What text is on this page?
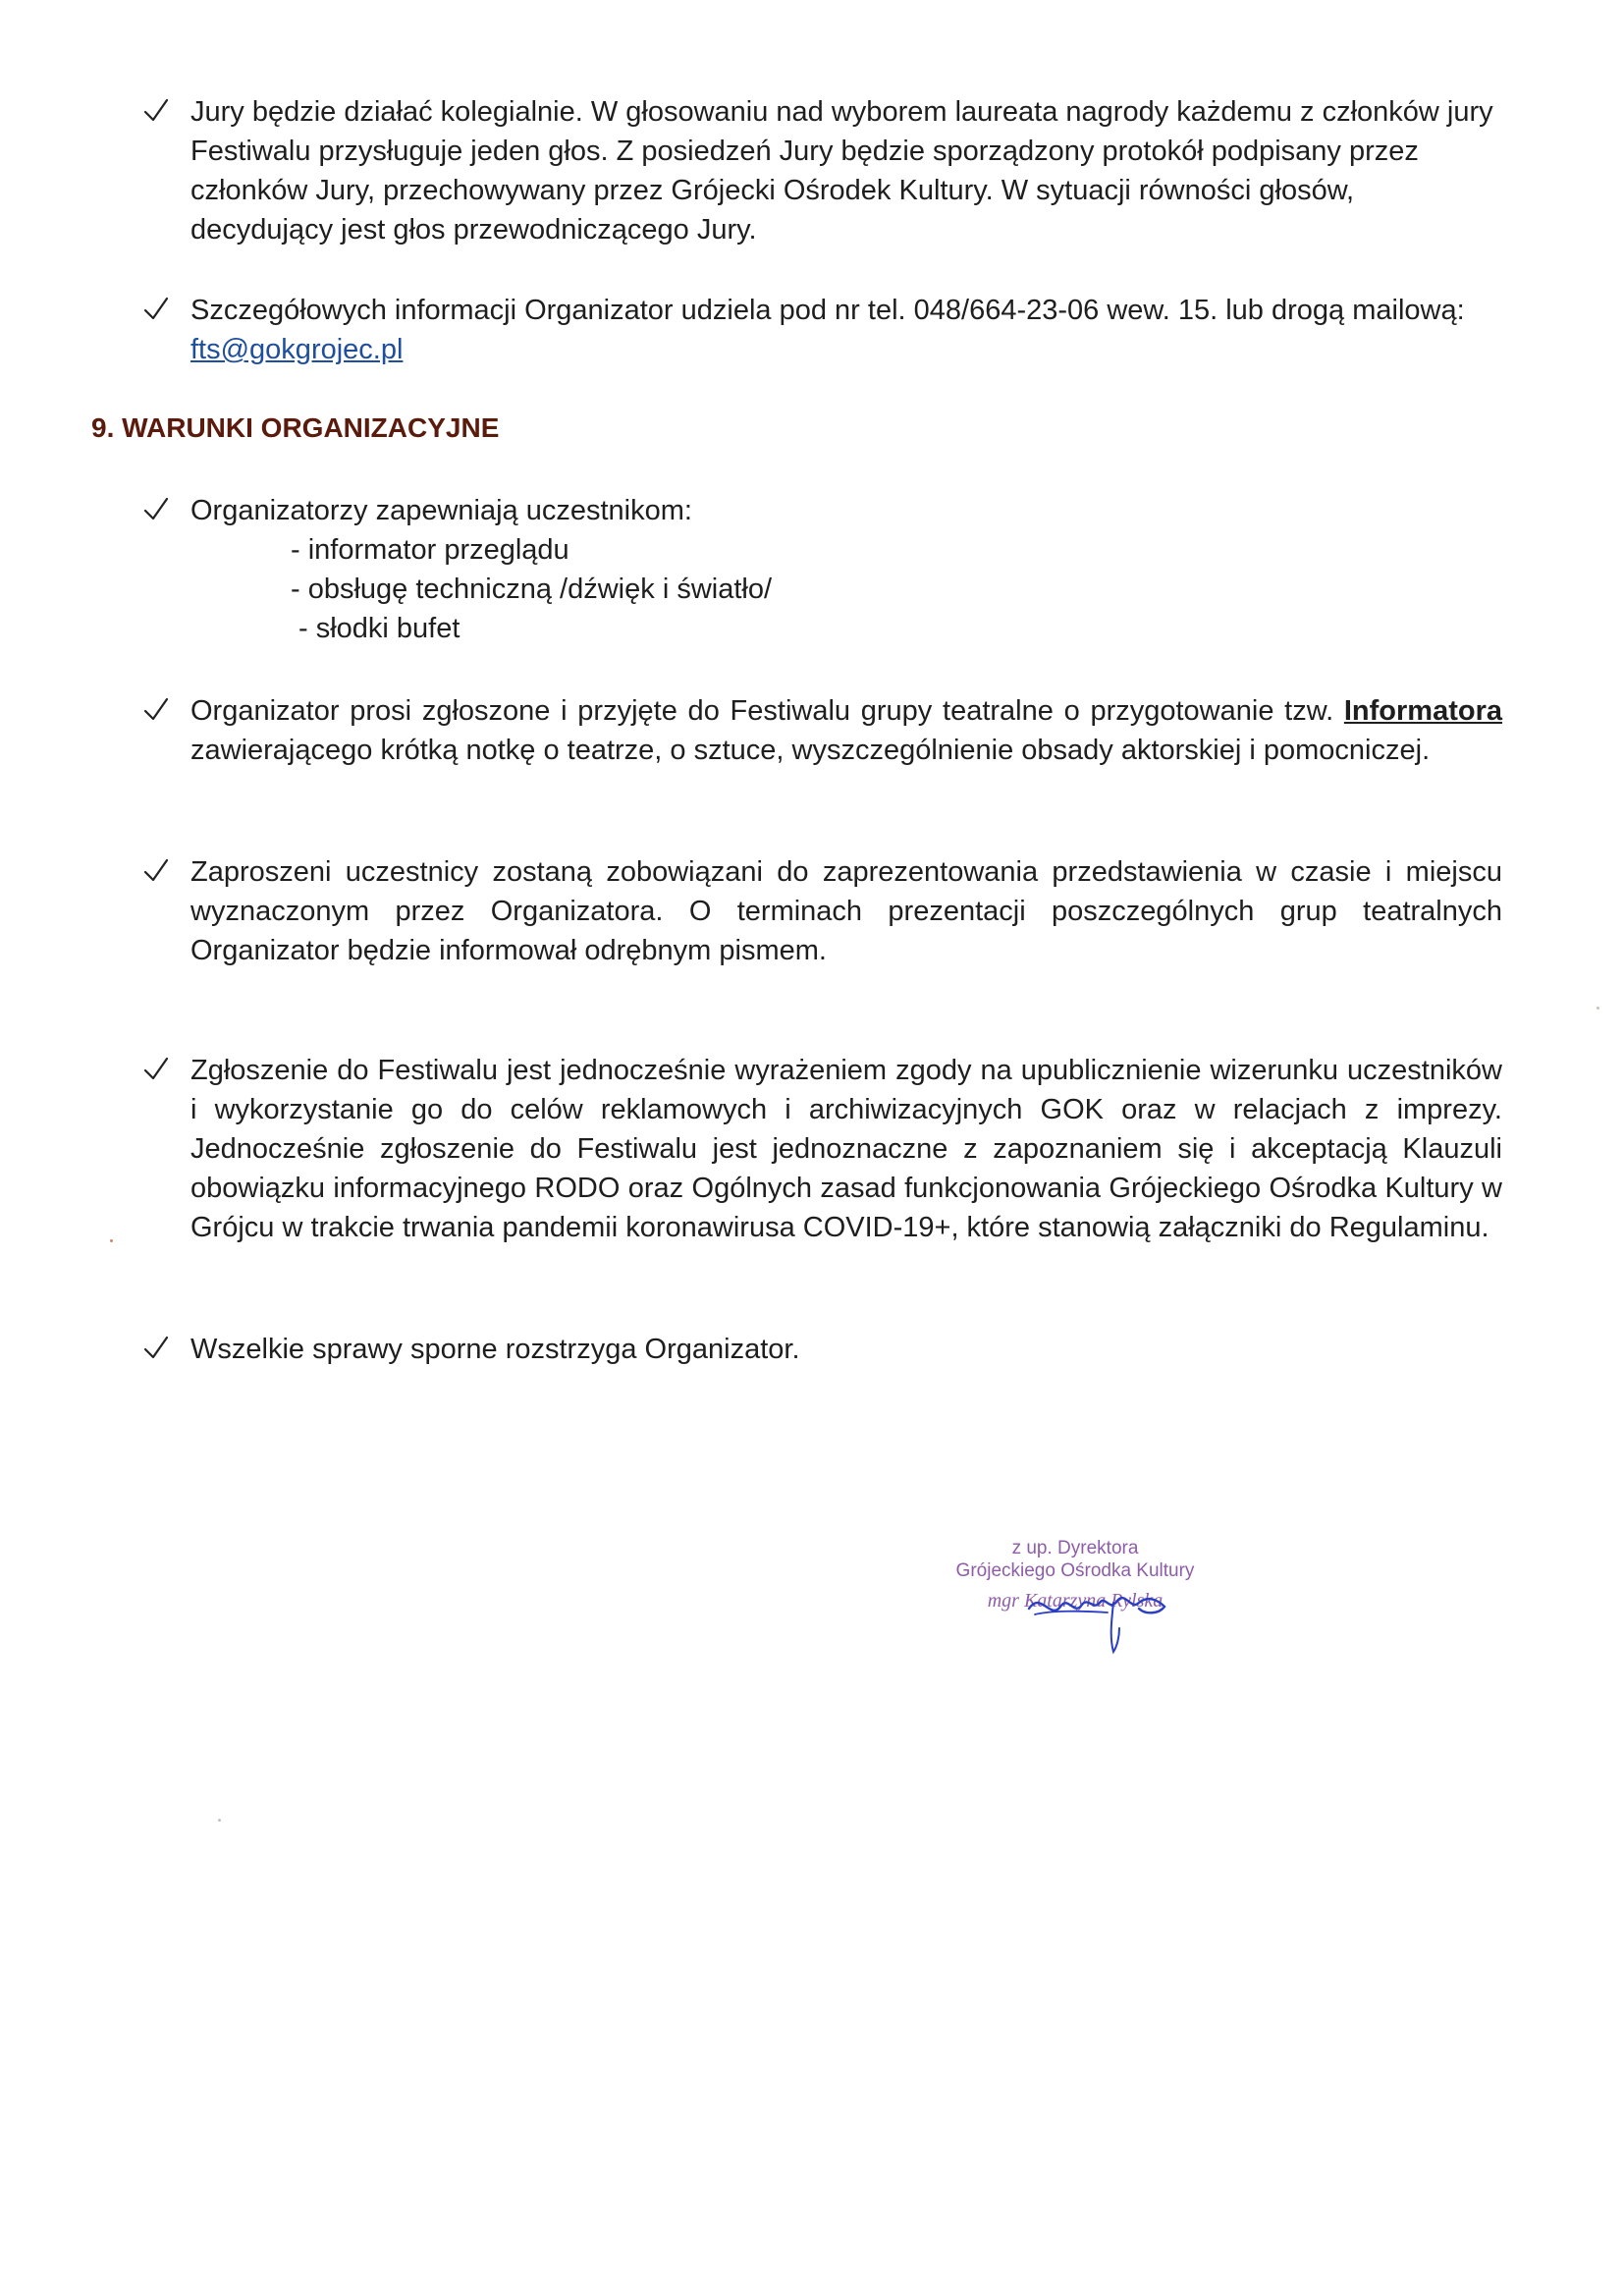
Jury będzie działać kolegialnie. W głosowaniu nad wyborem laureata nagrody każdemu z członków jury Festiwalu przysługuje jeden głos. Z posiedzeń Jury będzie sporządzony protokół podpisany przez członków Jury, przechowywany przez Grójecki Ośrodek Kultury. W sytuacji równości głosów, decydujący jest głos przewodniczącego Jury.
Szczegółowych informacji Organizator udziela pod nr tel. 048/664-23-06 wew. 15. lub drogą mailową: fts@gokgrojec.pl
9. WARUNKI ORGANIZACYJNE
Organizatorzy zapewniają uczestnikom:
- informator przeglądu
- obsługę techniczną /dźwięk i światło/
- słodki bufet
Organizator prosi zgłoszone i przyjęte do Festiwalu grupy teatralne o przygotowanie tzw. Informatora zawierającego krótką notkę o teatrze, o sztuce, wyszczególnienie obsady aktorskiej i pomocniczej.
Zaproszeni uczestnicy zostaną zobowiązani do zaprezentowania przedstawienia w czasie i miejscu wyznaczonym przez Organizatora. O terminach prezentacji poszczególnych grup teatralnych Organizator będzie informował odrębnym pismem.
Zgłoszenie do Festiwalu jest jednocześnie wyrażeniem zgody na upublicznienie wizerunku uczestników i wykorzystanie go do celów reklamowych i archiwizacyjnych GOK oraz w relacjach z imprezy. Jednocześnie zgłoszenie do Festiwalu jest jednoznaczne z zapoznaniem się i akceptacją Klauzuli obowiązku informacyjnego RODO oraz Ogólnych zasad funkcjonowania Grójeckiego Ośrodka Kultury w Grójcu w trakcie trwania pandemii koronawirusa COVID-19+, które stanowią załączniki do Regulaminu.
Wszelkie sprawy sporne rozstrzyga Organizator.
z up. Dyrektora
Grójeckiego Ośrodka Kultury
mgr Katarzyna Rylska
